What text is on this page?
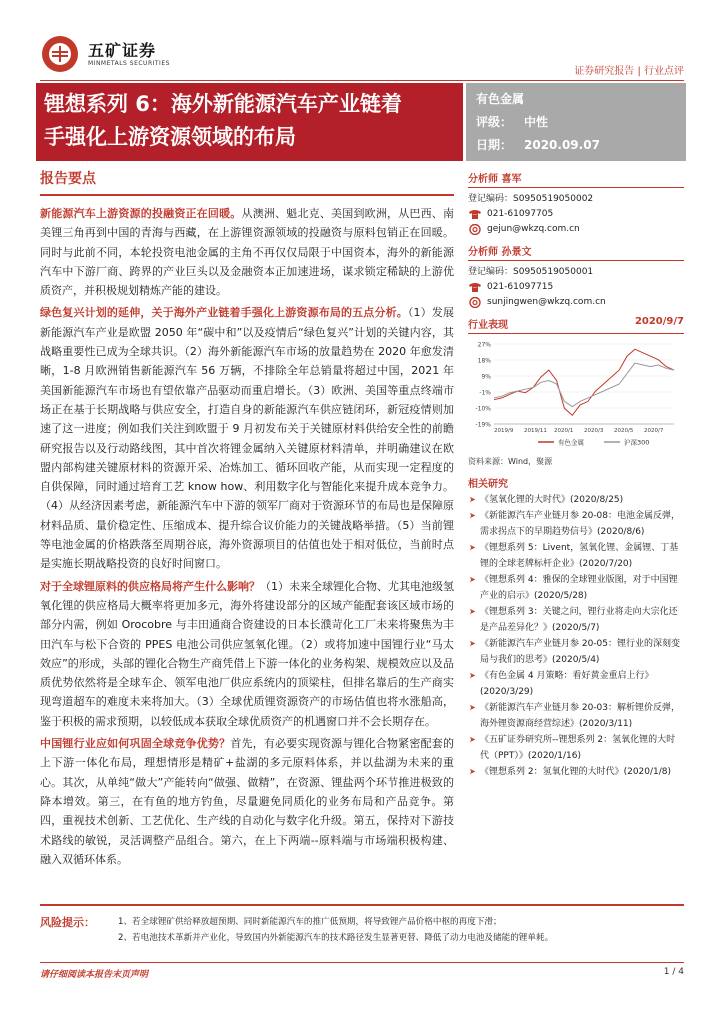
五矿证券
MINMETALS SECURITIES
证券研究报告 | 行业点评
锂想系列 6：海外新能源汽车产业链着
手强化上游资源领域的布局
有色金属
评级： 中性
日期： 2020.09.07
报告要点

新能源汽车上游资源的投融资正在回暖。从澳洲、魁北克、美国到欧洲，从巴西、南美锂三角再到中国的青海与西藏，在上游锂资源领域的投融资与原料包销正在回暖。同时与此前不同，本轮投资电池金属的主角不再仅仅局限于中国资本，海外的新能源汽车中下游厂商、跨界的产业巨头以及金融资本正加速进场，谋求锁定稀缺的上游优质资产，并积极规划精炼产能的建设。

绿色复兴计划的延伸，关于海外产业链着手强化上游资源布局的五点分析。（1）发展新能源汽车产业是欧盟 2050 年“碳中和”以及疫情后“绿色复兴”计划的关键内容，其战略重要性已成为全球共识。（2）海外新能源汽车市场的放量趋势在 2020 年愈发清晰，1-8 月欧洲销售新能源汽车 56 万辆，不排除全年总销量将超过中国，2021 年美国新能源汽车市场也有望依靠产品驱动而重启增长。（3）欧洲、美国等重点终端市场正在基于长期战略与供应安全，打造自身的新能源汽车供应链闭环，新冠疫情则加速了这一进度；例如我们关注到欧盟于 9 月初发布关于关键原材料供给安全性的前瞻研究报告以及行动路线图，其中首次将锂金属纳入关键原材料清单，并明确建议在欧盟内部构建关键原材料的资源开采、冶炼加工、循环回收产能，从而实现一定程度的自供保障，同时通过培育工艺 know how、利用数字化与智能化来提升成本竞争力。（4）从经济因素考虑，新能源汽车中下游的领军厂商对于资源环节的布局也是保障原材料品质、量价稳定性、压缩成本、提升综合议价能力的关键战略举措。（5）当前锂等电池金属的价格跌落至周期谷底，海外资源项目的估值也处于相对低位，当前时点是实施长期战略投资的良好时间窗口。

对于全球锂原料的供应格局将产生什么影响？（1）未来全球锂化合物、尤其电池级氢氧化锂的供应格局大概率将更加多元，海外将建设部分的区域产能配套该区域市场的部分内需，例如 Orocobre 与丰田通商合资建设的日本长濮苛化工厂未来将聚焦为丰田汽车与松下合资的 PPES 电池公司供应氢氧化锂。（2）或将加速中国锂行业“马太效应”的形成，头部的锂化合物生产商凭借上下游一体化的业务构架、规模效应以及品质优势依然将是全球车企、领军电池厂供应系统内的顶梁柱，但排名靠后的生产商实现弯道超车的难度未来将加大。（3）全球优质锂资源资产的市场估值也将水涨船高，鉴于积极的需求预期，以较低成本获取全球优质资产的机遇窗口并不会长期存在。

中国锂行业应如何巩固全球竞争优势？首先，有必要实现资源与锂化合物紧密配套的上下游一体化布局，理想情形是精矿+盐湖的多元原料体系，并以盐湖为未来的重心。其次，从单纯“做大”产能转向“做强、做精”，在资源、锂盐两个环节推进极致的降本增效。第三，在有鱼的地方钓鱼，尽量避免同质化的业务布局和产品竞争。第四，重视技术创新、工艺优化、生产线的自动化与数字化升级。第五，保持对下游技术路线的敏锐，灵活调整产品组合。第六，在上下两端--原料端与市场端积极构建、融入双循环体系。

分析师 喜军
登记编码：S0950519050002
021-61097705
gejun@wkzq.com.cn
分析师 孙景文
登记编码：S0950519050001
021-61097715
sunjingwen@wkzq.com.cn
行业表现	2020/9/7
27%
18%
9%
-1%
-10%
-19%
2019/9 2019/11 2020/1 2020/3 2020/5 2020/7
有色金属	沪深300
资料来源：Wind，聚源
相关研究
➤ 《氢氧化锂的大时代》(2020/8/25)
➤ 《新能源汽车产业链月参 20-08：电池金属反弹，需求拐点下的早期趋势信号》(2020/8/6)
➤ 《锂想系列 5：Livent，氢氧化锂、金属锂、丁基锂的全球老牌标杆企业》(2020/7/20)
➤ 《锂想系列 4：雅保的全球锂业版图，对于中国锂产业的启示》(2020/5/28)
➤ 《锂想系列 3：关键之问，锂行业将走向大宗化还是产品差异化？》(2020/5/7)
➤ 《新能源汽车产业链月参 20-05：锂行业的深刻变局与我们的思考》(2020/5/4)
➤ 《有色金属 4 月策略：看好黄金重启上行》(2020/3/29)
➤ 《新能源汽车产业链月参 20-03：解析锂价反弹，海外锂资源商经营综述》(2020/3/11)
➤ 《五矿证券研究所--锂想系列 2：氢氧化锂的大时代（PPT）》(2020/1/16)
➤ 《锂想系列 2：氢氧化锂的大时代》(2020/1/8)
风险提示：	1、若全球锂矿供给释放超预期、同时新能源汽车的推广低预期，将导致锂产品价格中枢的再度下滑；
2、若电池技术革新并产业化，导致国内外新能源汽车的技术路径发生显著更替、降低了动力电池及储能的锂单耗。
请仔细阅读本报告末页声明	1 / 4
